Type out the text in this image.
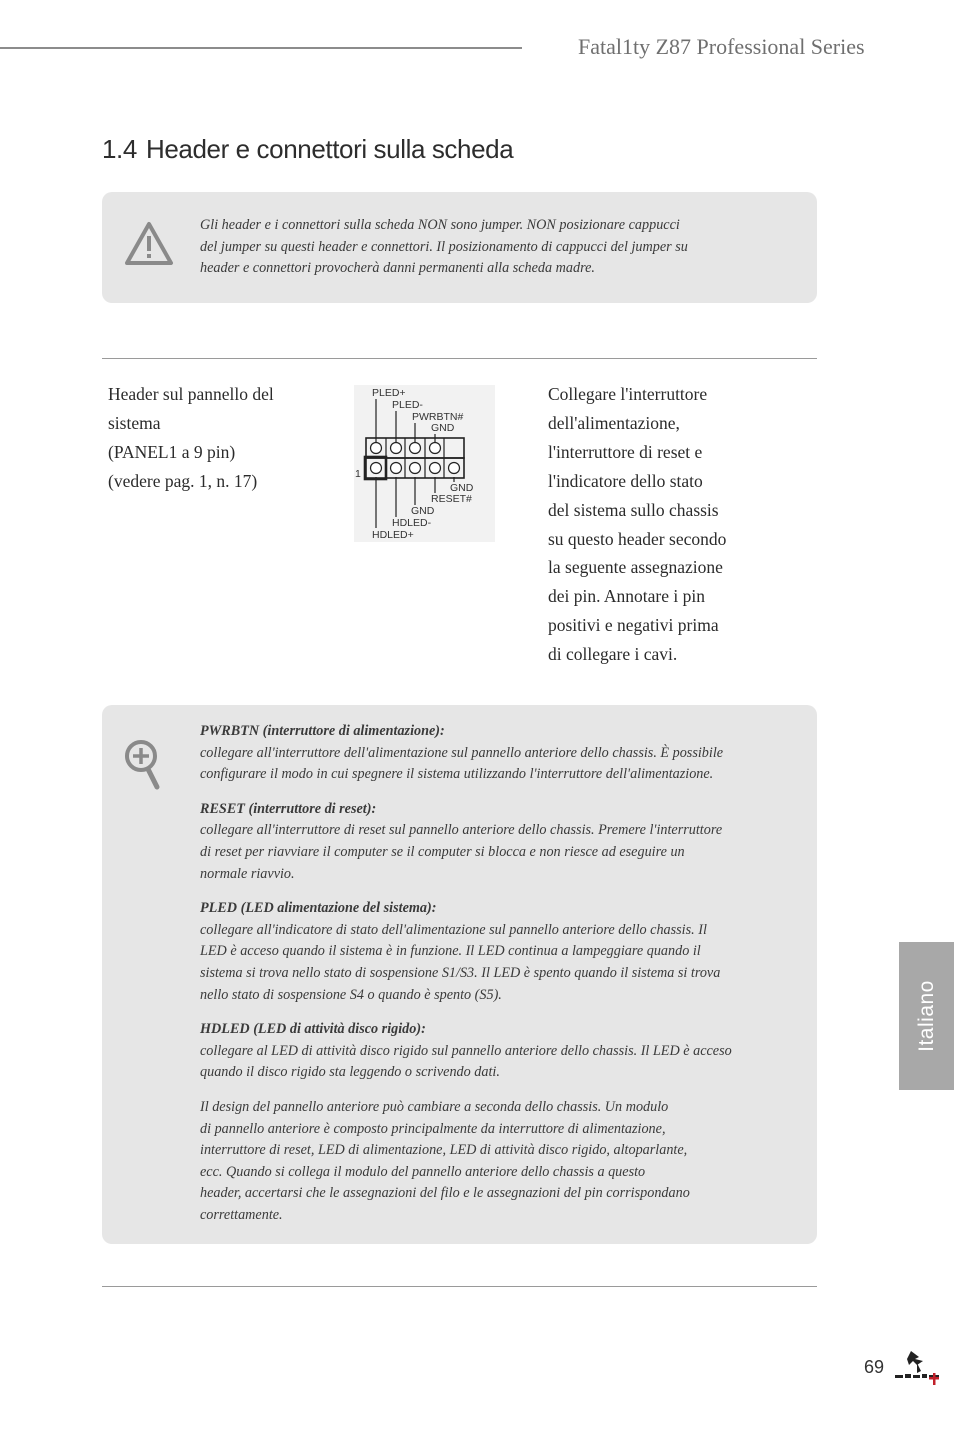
Fatal1ty Z87 Professional Series
1.4 Header e connettori sulla scheda
Gli header e i connettori sulla scheda NON sono jumper. NON posizionare cappucci
del jumper su questi header e connettori. Il posizionamento di cappucci del jumper su
header e connettori provocherà danni permanenti alla scheda madre.
Header sul pannello del
sistema
(PANEL1 a 9 pin)
(vedere pag. 1, n. 17)
PLED+
PLED-
PWRBTN#
GND
1
GND
RESET#
GND
HDLED-
HDLED+
Collegare l'interruttore
dell'alimentazione,
l'interruttore di reset e
l'indicatore dello stato
del sistema sullo chassis
su questo header secondo
la seguente assegnazione
dei pin. Annotare i pin
positivi e negativi prima
di collegare i cavi.
PWRBTN (interruttore di alimentazione):
collegare all'interruttore dell'alimentazione sul pannello anteriore dello chassis. È possibile
configurare il modo in cui spegnere il sistema utilizzando l'interruttore dell'alimentazione.
RESET (interruttore di reset):
collegare all'interruttore di reset sul pannello anteriore dello chassis. Premere l'interruttore
di reset per riavviare il computer se il computer si blocca e non riesce ad eseguire un
normale riavvio.
PLED (LED alimentazione del sistema):
collegare all'indicatore di stato dell'alimentazione sul pannello anteriore dello chassis. Il
LED è acceso quando il sistema è in funzione. Il LED continua a lampeggiare quando il
sistema si trova nello stato di sospensione S1/S3. Il LED è spento quando il sistema si trova
nello stato di sospensione S4 o quando è spento (S5).
HDLED (LED di attività disco rigido):
collegare al LED di attività disco rigido sul pannello anteriore dello chassis. Il LED è acceso
quando il disco rigido sta leggendo o scrivendo dati.
Il design del pannello anteriore può cambiare a seconda dello chassis. Un modulo
di pannello anteriore è composto principalmente da interruttore di alimentazione,
interruttore di reset, LED di alimentazione, LED di attività disco rigido, altoparlante,
ecc. Quando si collega il modulo del pannello anteriore dello chassis a questo
header, accertarsi che le assegnazioni del filo e le assegnazioni del pin corrispondano
correttamente.
Italiano
69
